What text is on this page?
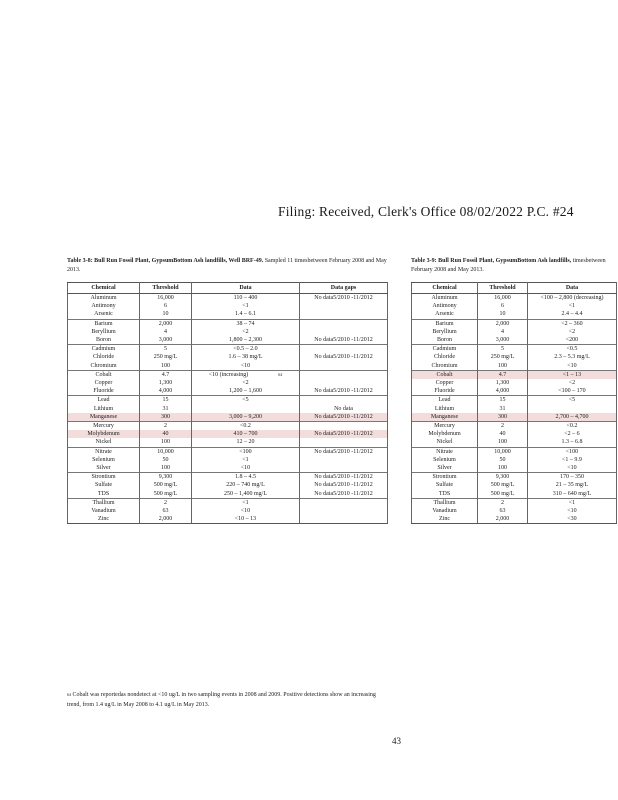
Filing: Received, Clerk's Office 08/02/2022 P.C. #24
Table 3-8: Bull Run Fossil Plant, GypsumBottom Ash landfills, Well BRF-49. Sampled 11 timesbetween February 2008 and May 2013.
Table 3-9: Bull Run Fossil Plant, GypsumBottom Ash landfills, timesbetween February 2008 and May 2013.
Chemical	Threshold	Data	Data gaps
Aluminum	16,000	110 – 400	No data5/2010 -11/2012
Antimony	6	<1	
Arsenic	10	1.4 – 6.1	
Barium	2,000	38 – 74	
Beryllium	4	<2	
Boron	3,000	1,800 – 2,300	No data5/2010 -11/2012
Cadmium	5	<0.5 – 2.0	
Chloride	250 mg/L	1.6 – 38 mg/L	No data5/2010 -11/2012
Chromium	100	<10	
Cobalt	4.7	<10 (increasing) $^{64}$	
Copper	1,300	<2	
Fluoride	4,000	1,200 – 1,600	No data5/2010 -11/2012
Lead	15	<5	
Lithium	31		No data
Manganese	300	3,000 – 9,200	No data5/2010 -11/2012
Mercury	2	<0.2	
Molybdenum	40	410 – 700	No data5/2010 -11/2012
Nickel	100	12 – 20	
Nitrate	10,000	<100	No data5/2010 -11/2012
Selenium	50	<1	
Silver	100	<10	
Strontium	9,300	1.8 – 4.5	No data5/2010 -11/2012
Sulfate	500 mg/L	220 – 740 mg/L	No data5/2010 -11/2012
TDS	500 mg/L	250 – 1,400 mg/L	No data5/2010 -11/2012
Thallium	2	<1	
Vanadium	63	<10	
Zinc	2,000	<10 – 13	
Chemical	Threshold	Data
Aluminum	16,000	<100 – 2,800 (decreasing)
Antimony	6	<1
Arsenic	10	2.4 – 4.4
Barium	2,000	<2 – 360
Beryllium	4	<2
Boron	3,000	<200
Cadmium	5	<0.5
Chloride	250 mg/L	2.3 – 5.3 mg/L
Chromium	100	<10
Cobalt	4.7	<1 – 13
Copper	1,300	<2
Fluoride	4,000	<100 – 170
Lead	15	<5
Lithium	31	
Manganese	300	2,700 – 4,700
Mercury	2	<0.2
Molybdenum	40	<2 – 6
Nickel	100	1.3 – 6.8
Nitrate	10,000	<100
Selenium	50	<1 – 9.9
Silver	100	<10
Strontium	9,300	170 – 350
Sulfate	500 mg/L	21 – 35 mg/L
TDS	500 mg/L	310 – 640 mg/L
Thallium	2	<1
Vanadium	63	<10
Zinc	2,000	<30
$^{64}$ Cobalt was reportedas nondetect at <10 ug/L in two sampling events in 2008 and 2009. Positive detections show an increasing trend, from 1.4 ug/L in May 2008 to 4.1 ug/L in May 2013.
43
